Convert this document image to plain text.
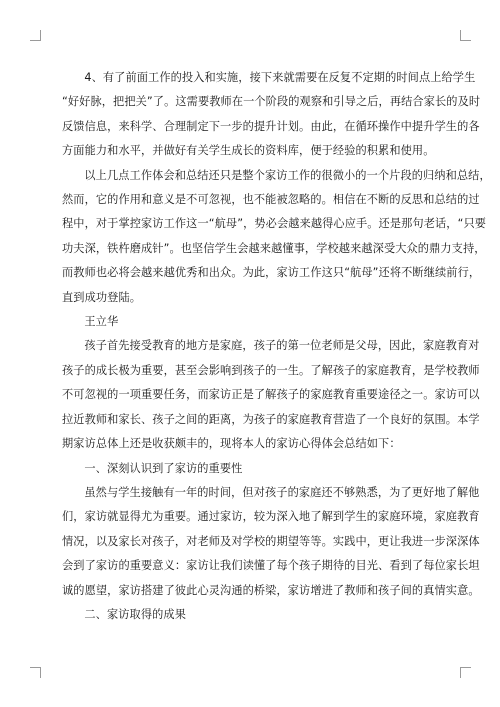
4、有了前面工作的投入和实施，接下来就需要在反复不定期的时间点上给学生
“好好脉，把把关”了。这需要教师在一个阶段的观察和引导之后，再结合家长的及时
反馈信息，来科学、合理制定下一步的提升计划。由此，在循环操作中提升学生的各
方面能力和水平，并做好有关学生成长的资料库，便于经验的积累和使用。

以上几点工作体会和总结还只是整个家访工作的很微小的一个片段的归纳和总结，
然而，它的作用和意义是不可忽视，也不能被忽略的。相信在不断的反思和总结的过
程中，对于掌控家访工作这一“航母”，势必会越来越得心应手。还是那句老话，“只要
功夫深，铁杵磨成针”。也坚信学生会越来越懂事，学校越来越深受大众的鼎力支持，
而教师也必将会越来越优秀和出众。为此，家访工作这只“航母”还将不断继续前行，
直到成功登陆。

王立华

孩子首先接受教育的地方是家庭，孩子的第一位老师是父母，因此，家庭教育对
孩子的成长极为重要，甚至会影响到孩子的一生。了解孩子的家庭教育，是学校教师
不可忽视的一项重要任务，而家访正是了解孩子的家庭教育重要途径之一。家访可以
拉近教师和家长、孩子之间的距离，为孩子的家庭教育营造了一个良好的氛围。本学
期家访总体上还是收获颇丰的，现将本人的家访心得体会总结如下：

一、深刻认识到了家访的重要性

虽然与学生接触有一年的时间，但对孩子的家庭还不够熟悉，为了更好地了解他
们，家访就显得尤为重要。通过家访，较为深入地了解到学生的家庭环境，家庭教育
情况，以及家长对孩子，对老师及对学校的期望等等。实践中，更让我进一步深深体
会到了家访的重要意义：家访让我们读懂了每个孩子期待的目光、看到了每位家长坦
诚的愿望，家访搭建了彼此心灵沟通的桥梁，家访增进了教师和孩子间的真情实意。

二、家访取得的成果
